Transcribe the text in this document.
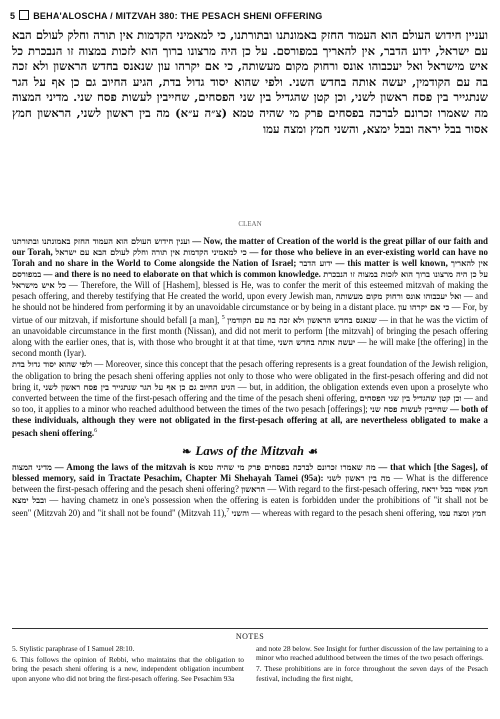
5 BEHA'ALOSCHA / MITZVAH 380: THE PESACH SHENI OFFERING
ועניין חידוש העולם הוא העמוד החזק באמונתנו ובתורתנו, כי למאמיני הקדמות אין תורה וחלק לעולם הבא עם ישראל, ידוע הדבר, אין להאריך במפורסם. על כן היה מרצונו ברוך הוא לזכות במצוה זו הנבכרת כל איש מישראל ואל יעכבוהו אונס ורחוק מקום מעשותה, כי אם יקרהו עון שנאנס בחדש הראשון ולא זכה בה עם הקודמין, יעשה אותה בחדש השני. ולפי שהוא יסוד גדול בדת, הגיע החיוב גם כן אף על הגר שנתגייר בין פסח ראשון לשני, וכן קטן שהגדיל בין שני הפסחים, שחייבין לעשות פסח שני. מדיני המצוה מה שאמרו זכרונם לברכה בפסחים פרק מי שהיה טמא (צ״ה ע״א) מה בין ראשון לשני, הראשון חמץ אסור בבל יראה ובבל ימצא, והשני חמץ ומצה עמו
CLEAN

וענין חידוש העולם הוא העמוד החזק באמונתנו ובתורתנו — Now, the matter of Creation of the world is the great pillar of our faith and our Torah, כי למאמיני הקדמות אין תורה וחלק לעולם הבא עם ישראל — for those who believe in an ever-existing world can have no Torah and no share in the World to Come alongside the Nation of Israel; ידוע הדבר — this matter is well known, אין להאריך במפורסם — and there is no need to elaborate on that which is common knowledge. על כן היה מרצונו ברוך הוא לזכות במצוה זו הנבכרת כל איש מישראל — Therefore, the Will of [Hashem], blessed is He, was to confer the merit of this esteemed mitzvah of making the pesach offering, and thereby testifying that He created the world, upon every Jewish man, ואל יעכבוהו אונס ורחוק מקום מעשותה — and he should not be hindered from performing it by an unavoidable circumstance or by being in a distant place. כי אם יקרהו עון — For, by virtue of our mitzvah, if misfortune should befall [a man], $^5$ שנאנס בחדש הראשון ולא זכה בה עם הקודמין — in that he was the victim of an unavoidable circumstance in the first month (Nissan), and did not merit to perform [the mitzvah] of bringing the pesach offering along with the earlier ones, that is, with those who brought it at that time, יעשה אותה בחדש השני — he will make [the offering] in the second month (Iyar).

ולפי שהוא יסוד גדול בדת — Moreover, since this concept that the pesach offering represents is a great foundation of the Jewish religion, the obligation to bring the pesach sheni offering applies not only to those who were obligated in the first-pesach offering and did not bring it, הגיע החיוב גם כן אף על הגר שנתגייר בין פסח ראשון לשני — but, in addition, the obligation extends even upon a proselyte who converted between the time of the first-pesach offering and the time of the pesach sheni offering, וכן קטן שהגדיל בין שני הפסחים — and so too, it applies to a minor who reached adulthood between the times of the two pesach [offerings]; שחייבין לעשות פסח שני — both of these individuals, although they were not obligated in the first-pesach offering at all, are nevertheless obligated to make a pesach sheni offering.$^6$

❧ Laws of the Mitzvah ☙

מדיני המצוה — Among the laws of the mitzvah is מה שאמרו זכרונם לברכה בפסחים פרק מי שהיה טמא — that which [the Sages], of blessed memory, said in Tractate Pesachim, Chapter Mi Shehayah Tamei (95a): מה בין ראשון לשני — What is the difference between the first-pesach offering and the pesach sheni offering? הראשון — With regard to the first-pesach offering, חמץ אסור בבל יראה ובבל ימצא — having chametz in one's possession when the offering is eaten is forbidden under the prohibitions of "it shall not be seen" (Mitzvah 20) and "it shall not be found" (Mitzvah 11),$^7$ והשני — whereas with regard to the pesach sheni offering, חמץ ומצה עמו

NOTES

5. Stylistic paraphrase of I Samuel 28:10.

6. This follows the opinion of Rebbi, who maintains that the obligation to bring the pesach sheni offering is a new, independent obligation incumbent upon anyone who did not bring the first-pesach offering. See Pesachim 93a

and note 28 below. See Insight for further discussion of the law pertaining to a minor who reached adulthood between the times of the two pesach offerings.

7. These prohibitions are in force throughout the seven days of the Pesach festival, including the first night,
